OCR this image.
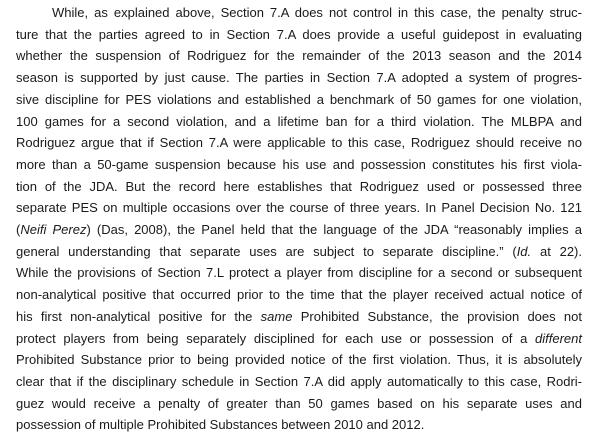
While, as explained above, Section 7.A does not control in this case, the penalty struc-
ture that the parties agreed to in Section 7.A does provide a useful guidepost in evaluating
whether the suspension of Rodriguez for the remainder of the 2013 season and the 2014
season is supported by just cause. The parties in Section 7.A adopted a system of progres-
sive discipline for PES violations and established a benchmark of 50 games for one violation,
100 games for a second violation, and a lifetime ban for a third violation. The MLBPA and
Rodriguez argue that if Section 7.A were applicable to this case, Rodriguez should receive no
more than a 50-game suspension because his use and possession constitutes his first viola-
tion of the JDA. But the record here establishes that Rodriguez used or possessed three
separate PES on multiple occasions over the course of three years. In Panel Decision No. 121
(Neifi Perez) (Das, 2008), the Panel held that the language of the JDA “reasonably implies a
general understanding that separate uses are subject to separate discipline.” (Id. at 22).
While the provisions of Section 7.L protect a player from discipline for a second or subsequent
non-analytical positive that occurred prior to the time that the player received actual notice of
his first non-analytical positive for the same Prohibited Substance, the provision does not
protect players from being separately disciplined for each use or possession of a different
Prohibited Substance prior to being provided notice of the first violation. Thus, it is absolutely
clear that if the disciplinary schedule in Section 7.A did apply automatically to this case, Rodri-
guez would receive a penalty of greater than 50 games based on his separate uses and
possession of multiple Prohibited Substances between 2010 and 2012.
